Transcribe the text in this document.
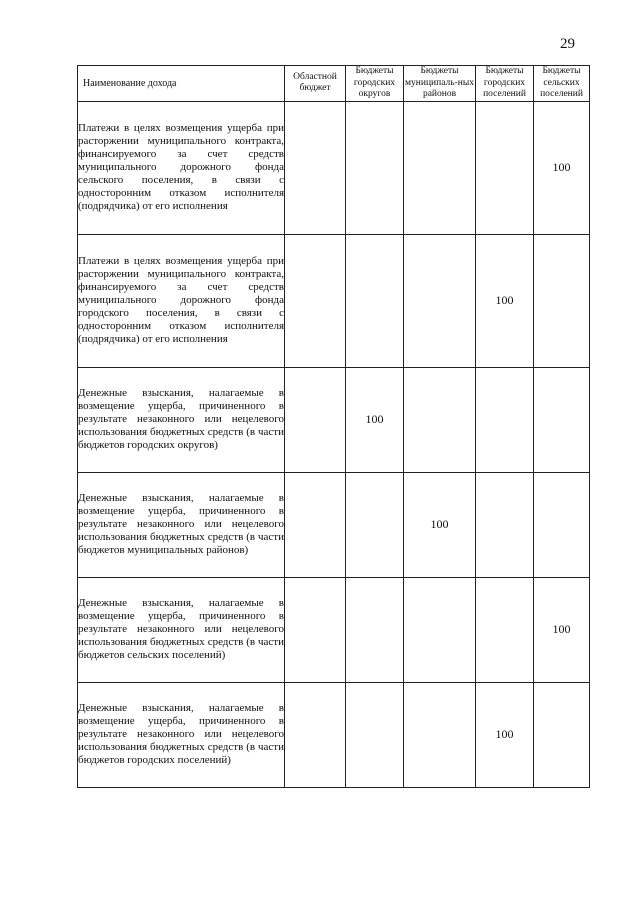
29
Наименование дохода	Областной бюджет	Бюджеты городских округов	Бюджеты муниципаль-ных районов	Бюджеты городских поселений	Бюджеты сельских поселений
Платежи в целях возмещения ущерба при расторжении муниципального контракта, финансируемого за счет средств муниципального дорожного фонда сельского поселения, в связи с односторонним отказом исполнителя (подрядчика) от его исполнения					100
Платежи в целях возмещения ущерба при расторжении муниципального контракта, финансируемого за счет средств муниципального дорожного фонда городского поселения, в связи с односторонним отказом исполнителя (подрядчика) от его исполнения				100	
Денежные взыскания, налагаемые в возмещение ущерба, причиненного в результате незаконного или нецелевого использования бюджетных средств (в части бюджетов городских округов)		100			
Денежные взыскания, налагаемые в возмещение ущерба, причиненного в результате незаконного или нецелевого использования бюджетных средств (в части бюджетов муниципальных районов)			100		
Денежные взыскания, налагаемые в возмещение ущерба, причиненного в результате незаконного или нецелевого использования бюджетных средств (в части бюджетов сельских поселений)					100
Денежные взыскания, налагаемые в возмещение ущерба, причиненного в результате незаконного или нецелевого использования бюджетных средств (в части бюджетов городских поселений)				100	
